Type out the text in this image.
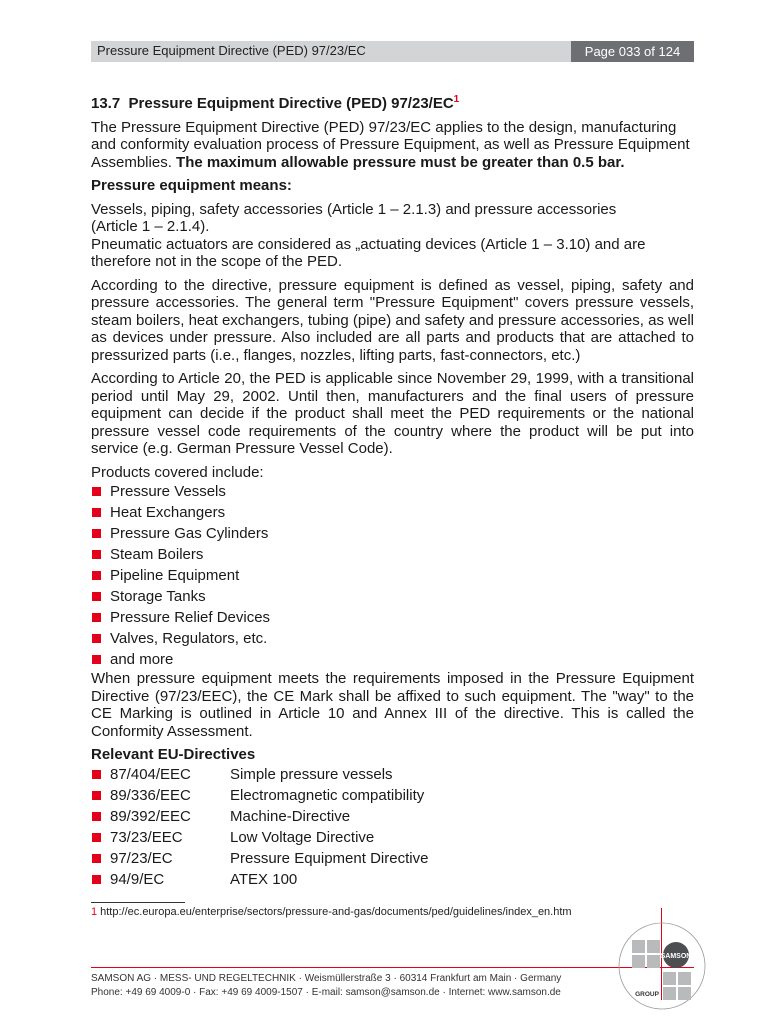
Pressure Equipment Directive (PED) 97/23/EC	Page 033 of 124

13.7 Pressure Equipment Directive (PED) 97/23/EC$^1$

The Pressure Equipment Directive (PED) 97/23/EC applies to the design, manufacturing and conformity evaluation process of Pressure Equipment, as well as Pressure Equipment Assemblies. The maximum allowable pressure must be greater than 0.5 bar.

Pressure equipment means:

Vessels, piping, safety accessories (Article 1 – 2.1.3) and pressure accessories (Article 1 – 2.1.4).

Pneumatic actuators are considered as „actuating devices (Article 1 – 3.10) and are therefore not in the scope of the PED.

According to the directive, pressure equipment is defined as vessel, piping, safety and pressure accessories. The general term "Pressure Equipment" covers pressure vessels, steam boilers, heat exchangers, tubing (pipe) and safety and pressure accessories, as well as devices under pressure. Also included are all parts and products that are attached to pressurized parts (i.e., flanges, nozzles, lifting parts, fast-connectors, etc.)

According to Article 20, the PED is applicable since November 29, 1999, with a transitional period until May 29, 2002. Until then, manufacturers and the final users of pressure equipment can decide if the product shall meet the PED requirements or the national pressure vessel code requirements of the country where the product will be put into service (e.g. German Pressure Vessel Code).

Products covered include:

Pressure Vessels
Heat Exchangers
Pressure Gas Cylinders
Steam Boilers
Pipeline Equipment
Storage Tanks
Pressure Relief Devices
Valves, Regulators, etc.
and more

When pressure equipment meets the requirements imposed in the Pressure Equipment Directive (97/23/EEC), the CE Mark shall be affixed to such equipment. The "way" to the CE Marking is outlined in Article 10 and Annex III of the directive. This is called the Conformity Assessment.

Relevant EU-Directives

87/404/EEC	Simple pressure vessels
89/336/EEC	Electromagnetic compatibility
89/392/EEC	Machine-Directive
73/23/EEC	Low Voltage Directive
97/23/EC	Pressure Equipment Directive
94/9/EC	ATEX 100
1 http://ec.europa.eu/enterprise/sectors/pressure-and-gas/documents/ped/guidelines/index_en.htm
SAMSON AG · MESS- UND REGELTECHNIK · Weismüllerstraße 3 · 60314 Frankfurt am Main · Germany
Phone: +49 69 4009-0 · Fax: +49 69 4009-1507 · E-mail: samson@samson.de · Internet: www.samson.de
SAMSON
GROUP
